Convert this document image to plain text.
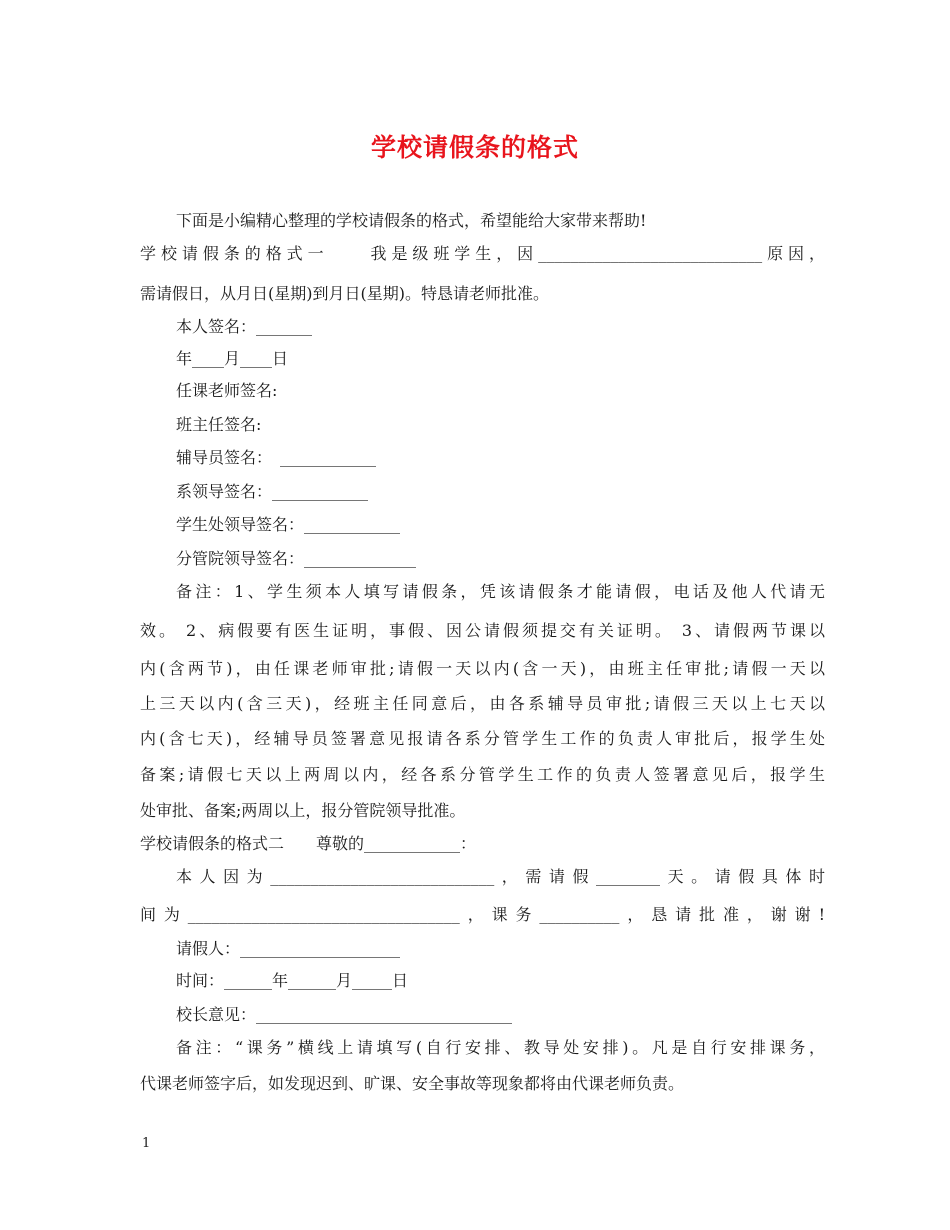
学校请假条的格式
下面是小编精心整理的学校请假条的格式，希望能给大家带来帮助!
学校请假条的格式一　　我是级班学生，因____________________________原因，
需请假日，从月日(星期)到月日(星期)。特恳请老师批准。
本人签名：_______
年____月____日
任课老师签名:
班主任签名:
辅导员签名：　____________
系领导签名：____________
学生处领导签名：____________
分管院领导签名：______________
备注：1、学生须本人填写请假条，凭该请假条才能请假，电话及他人代请无
效。 2、病假要有医生证明，事假、因公请假须提交有关证明。 3、请假两节课以
内(含两节)，由任课老师审批;请假一天以内(含一天)，由班主任审批;请假一天以
上三天以内(含三天)，经班主任同意后，由各系辅导员审批;请假三天以上七天以
内(含七天)，经辅导员签署意见报请各系分管学生工作的负责人审批后，报学生处
备案;请假七天以上两周以内，经各系分管学生工作的负责人签署意见后，报学生
处审批、备案;两周以上，报分管院领导批准。
学校请假条的格式二　　尊敬的____________：
本人因为____________________________，需请假________天。请假具体时
间为__________________________________，课务__________，恳请批准，谢谢!
请假人：____________________
时间：______年______月_____日
校长意见：________________________________
备注：“课务”横线上请填写(自行安排、教导处安排)。凡是自行安排课务，
代课老师签字后，如发现迟到、旷课、安全事故等现象都将由代课老师负责。
1
